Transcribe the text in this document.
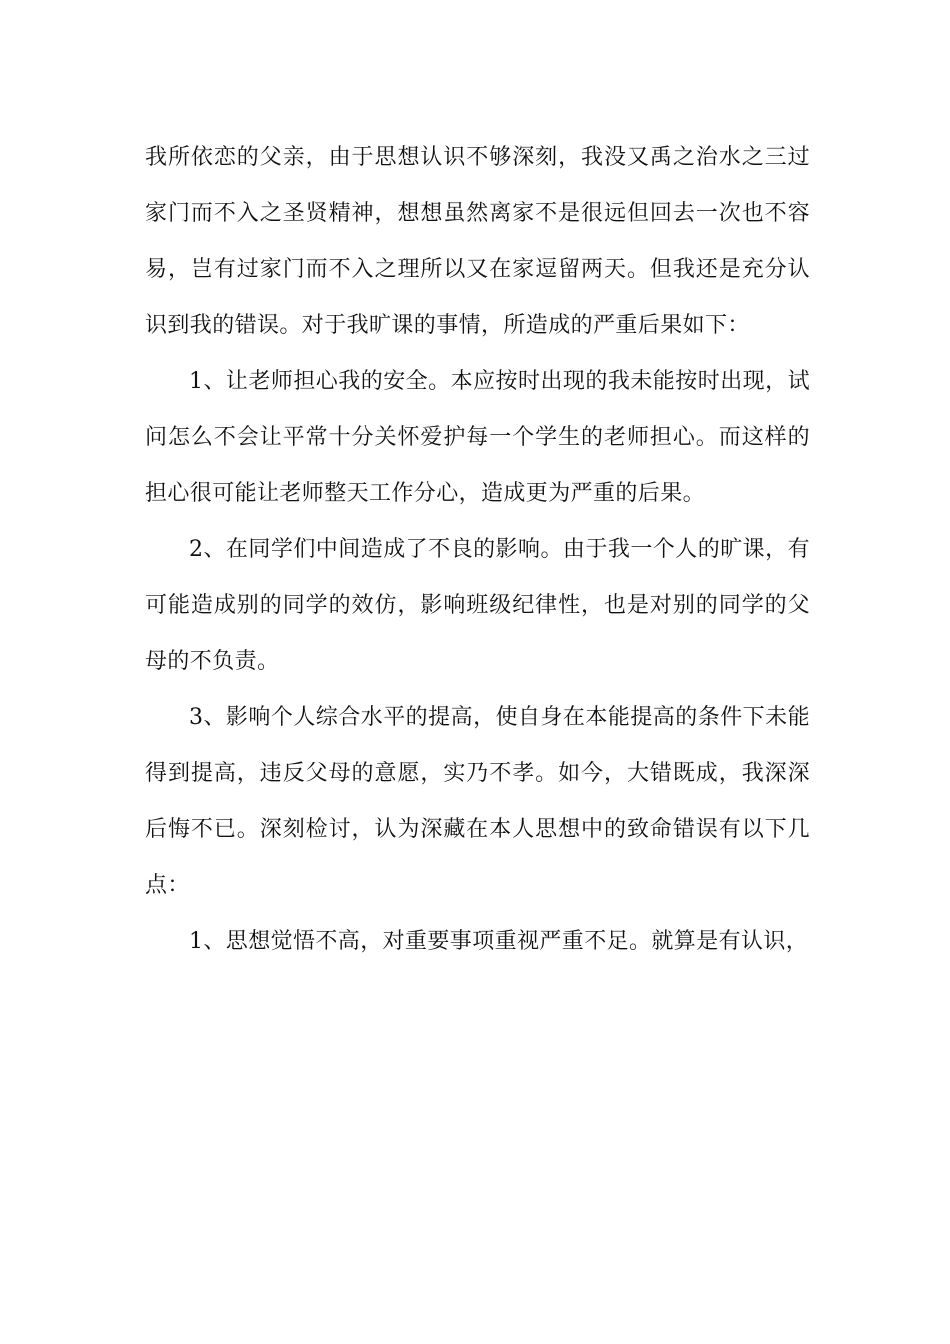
我所依恋的父亲，由于思想认识不够深刻，我没又禹之治水之三过家门而不入之圣贤精神，想想虽然离家不是很远但回去一次也不容易，岂有过家门而不入之理所以又在家逗留两天。但我还是充分认识到我的错误。对于我旷课的事情，所造成的严重后果如下：

1、让老师担心我的安全。本应按时出现的我未能按时出现，试问怎么不会让平常十分关怀爱护每一个学生的老师担心。而这样的担心很可能让老师整天工作分心，造成更为严重的后果。

2、在同学们中间造成了不良的影响。由于我一个人的旷课，有可能造成别的同学的效仿，影响班级纪律性，也是对别的同学的父母的不负责。

3、影响个人综合水平的提高，使自身在本能提高的条件下未能得到提高，违反父母的意愿，实乃不孝。如今，大错既成，我深深后悔不已。深刻检讨，认为深藏在本人思想中的致命错误有以下几点：

1、思想觉悟不高，对重要事项重视严重不足。就算是有认识，
